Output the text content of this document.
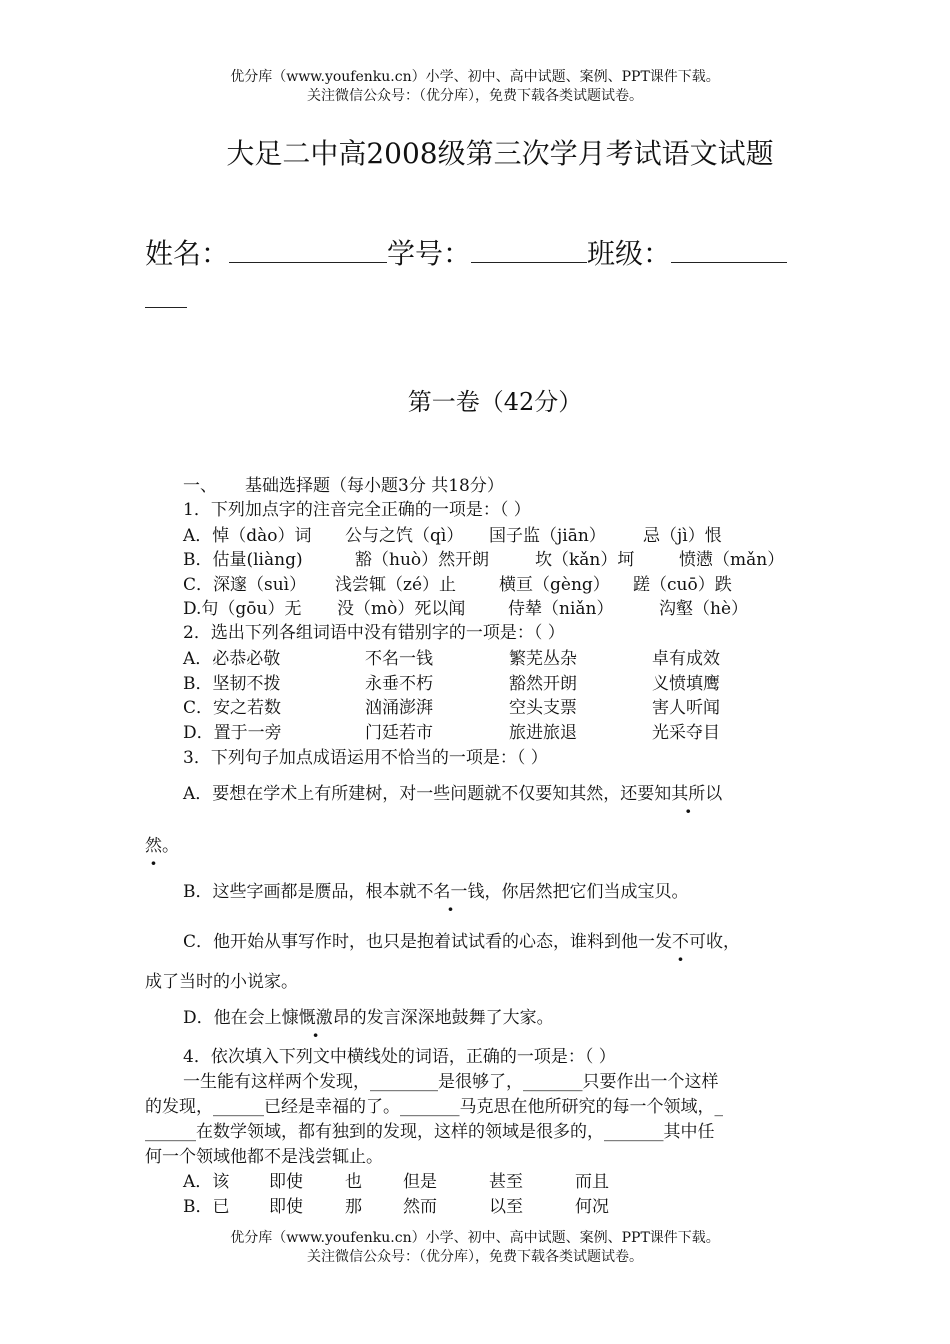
优分库（www.youfenku.cn）小学、初中、高中试题、案例、PPT课件下载。
关注微信公众号：（优分库），免费下载各类试题试卷。
大足二中高2008级第三次学月考试语文试题
姓名：	学号：	班级：
第一卷（42分）
一、 基础选择题（每小题3分 共18分）
1．下列加点字的注音完全正确的一项是：（ ）
A．悼（dào）词 公与之饩（qì） 国子监（jiān） 忌（jì）恨
B．估量(liàng)	豁（huò）然开朗	坎（kǎn）坷	愤懑（mǎn）
C．深邃（suì） 浅尝辄（zé）止	横亘（gèng） 蹉（cuō）跌
D.句（gōu）无 没（mò）死以闻	侍辇（niǎn）	沟壑（hè）
2．选出下列各组词语中没有错别字的一项是：（ ）
A．必恭必敬	不名一钱	繁芜丛杂	卓有成效
B．坚韧不拨	永垂不朽	豁然开朗	义愤填鹰
C．安之若数	汹涌澎湃	空头支票	害人听闻
D．置于一旁	门廷若市	旅进旅退	光采夺目
3．下列句子加点成语运用不恰当的一项是：（ ）
A．要想在学术上有所建树，对一些问题就不仅要知其然，还要知其所以
然。
B．这些字画都是赝品，根本就不名一钱，你居然把它们当成宝贝。
C．他开始从事写作时，也只是抱着试试看的心态，谁料到他一发不可收 ·，
成了当时的小说家。
D．他在会上慷慨激昂的发言深深地鼓舞了大家。
4．依次填入下列文中横线处的词语，正确的一项是：（ ）
一生能有这样两个发现，________是很够了，_______只要作出一个这样
的发现，______已经是幸福的了。_______马克思在他所研究的每一个领域，_
______在数学领域，都有独到的发现，这样的领域是很多的，_______其中任
何一个领域他都不是浅尝辄止。
A．该 即使 也 但是	甚至	而且
B．已 即使 那 然而	以至	何况
优分库（www.youfenku.cn）小学、初中、高中试题、案例、PPT课件下载。
关注微信公众号：（优分库），免费下载各类试题试卷。
